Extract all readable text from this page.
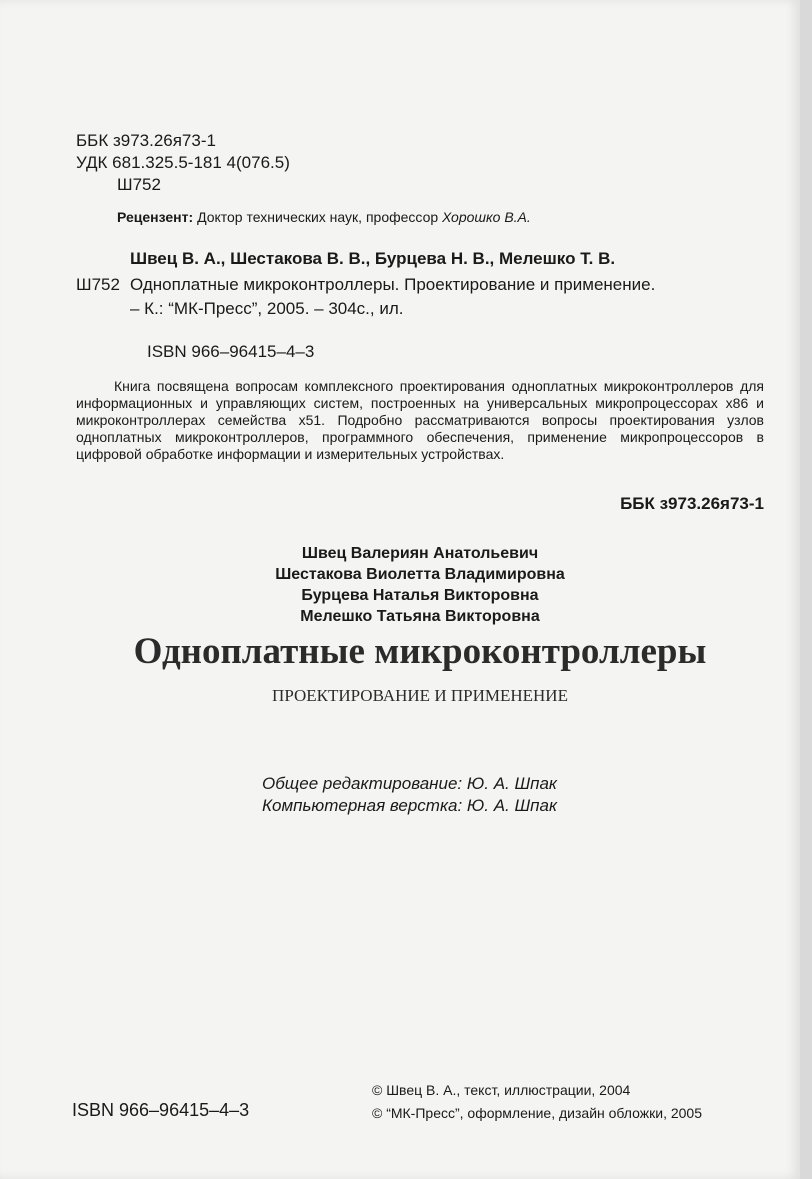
ББК з973.26я73-1
УДК 681.325.5-181 4(076.5)
Ш752
Рецензент: Доктор технических наук, профессор Хорошко В.А.
Швец В. А., Шестакова В. В., Бурцева Н. В., Мелешко Т. В.
Ш752 Однoплатные микроконтроллеры. Проектирование и применение.
– К.: “МК-Пресс”, 2005. – 304с., ил.
ISBN 966–96415–4–3
Книга посвящена вопросам комплексного проектирования одноплатных микроконтроллеров для информационных и управляющих систем, построенных на универсальных микропроцессорах x86 и микроконтроллерах семейства x51. Подробно рассматриваются вопросы проектирования узлов одноплатных микроконтроллеров, программного обеспечения, применение микропроцессоров в цифровой обработке информации и измерительных устройствах.
ББК з973.26я73-1
Швец Валериян Анатольевич
Шестакова Виолетта Владимировна
Бурцева Наталья Викторовна
Мелешко Татьяна Викторовна
Одноплатные микроконтроллеры
ПРОЕКТИРОВАНИЕ И ПРИМЕНЕНИЕ
Общее редактирование: Ю. А. Шпак
Компьютерная верстка: Ю. А. Шпак
ISBN 966–96415–4–3
© Швец В. А., текст, иллюстрации, 2004
© “МК-Пресс”, оформление, дизайн обложки, 2005
